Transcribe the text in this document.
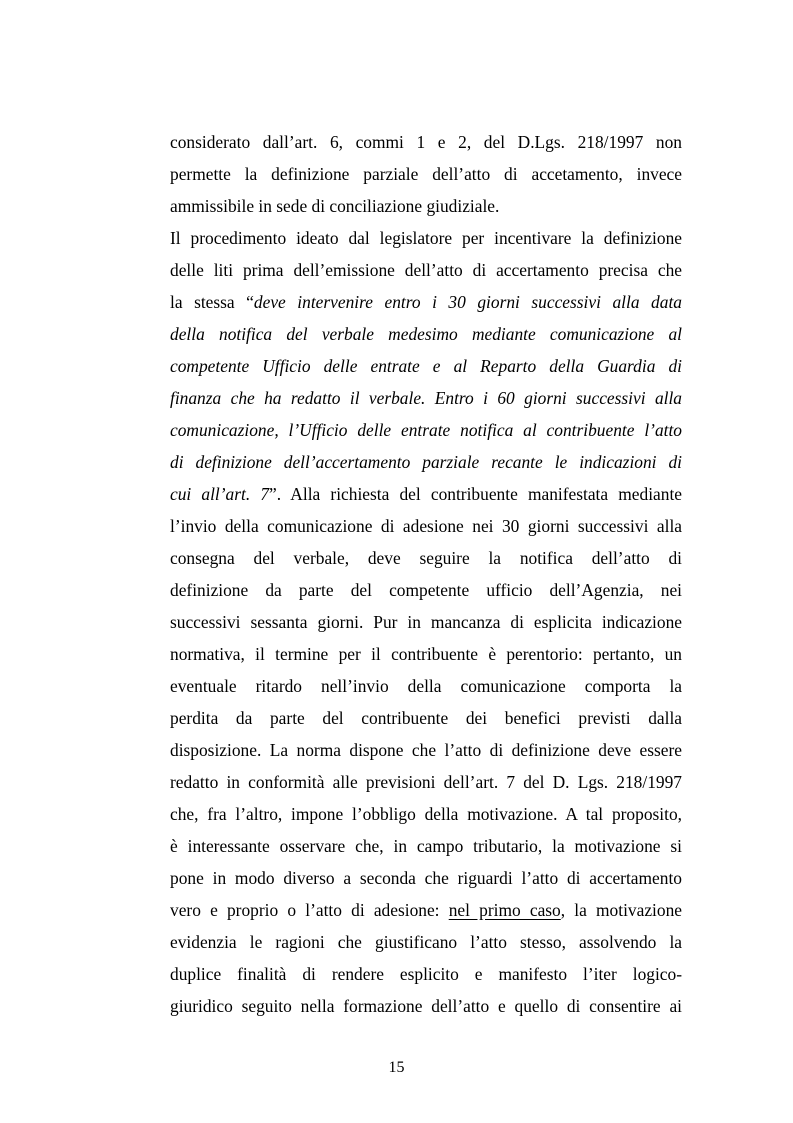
considerato dall’art. 6, commi 1 e 2, del D.Lgs. 218/1997 non
permette la definizione parziale dell’atto di accetamento, invece
ammissibile in sede di conciliazione giudiziale.
Il procedimento ideato dal legislatore per incentivare la definizione
delle liti prima dell’emissione dell’atto di accertamento precisa che
la stessa “deve intervenire entro i 30 giorni successivi alla data
della notifica del verbale medesimo mediante comunicazione al
competente Ufficio delle entrate e al Reparto della Guardia di
finanza che ha redatto il verbale. Entro i 60 giorni successivi alla
comunicazione, l’Ufficio delle entrate notifica al contribuente l’atto
di definizione dell’accertamento parziale recante le indicazioni di
cui all’art. 7”. Alla richiesta del contribuente manifestata mediante
l’invio della comunicazione di adesione nei 30 giorni successivi alla
consegna del verbale, deve seguire la notifica dell’atto di
definizione da parte del competente ufficio dell’Agenzia, nei
successivi sessanta giorni. Pur in mancanza di esplicita indicazione
normativa, il termine per il contribuente è perentorio: pertanto, un
eventuale ritardo nell’invio della comunicazione comporta la
perdita da parte del contribuente dei benefici previsti dalla
disposizione. La norma dispone che l’atto di definizione deve essere
redatto in conformità alle previsioni dell’art. 7 del D. Lgs. 218/1997
che, fra l’altro, impone l’obbligo della motivazione. A tal proposito,
è interessante osservare che, in campo tributario, la motivazione si
pone in modo diverso a seconda che riguardi l’atto di accertamento
vero e proprio o l’atto di adesione: nel primo caso, la motivazione
evidenzia le ragioni che giustificano l’atto stesso, assolvendo la
duplice finalità di rendere esplicito e manifesto l’iter logico-
giuridico seguito nella formazione dell’atto e quello di consentire ai
15
